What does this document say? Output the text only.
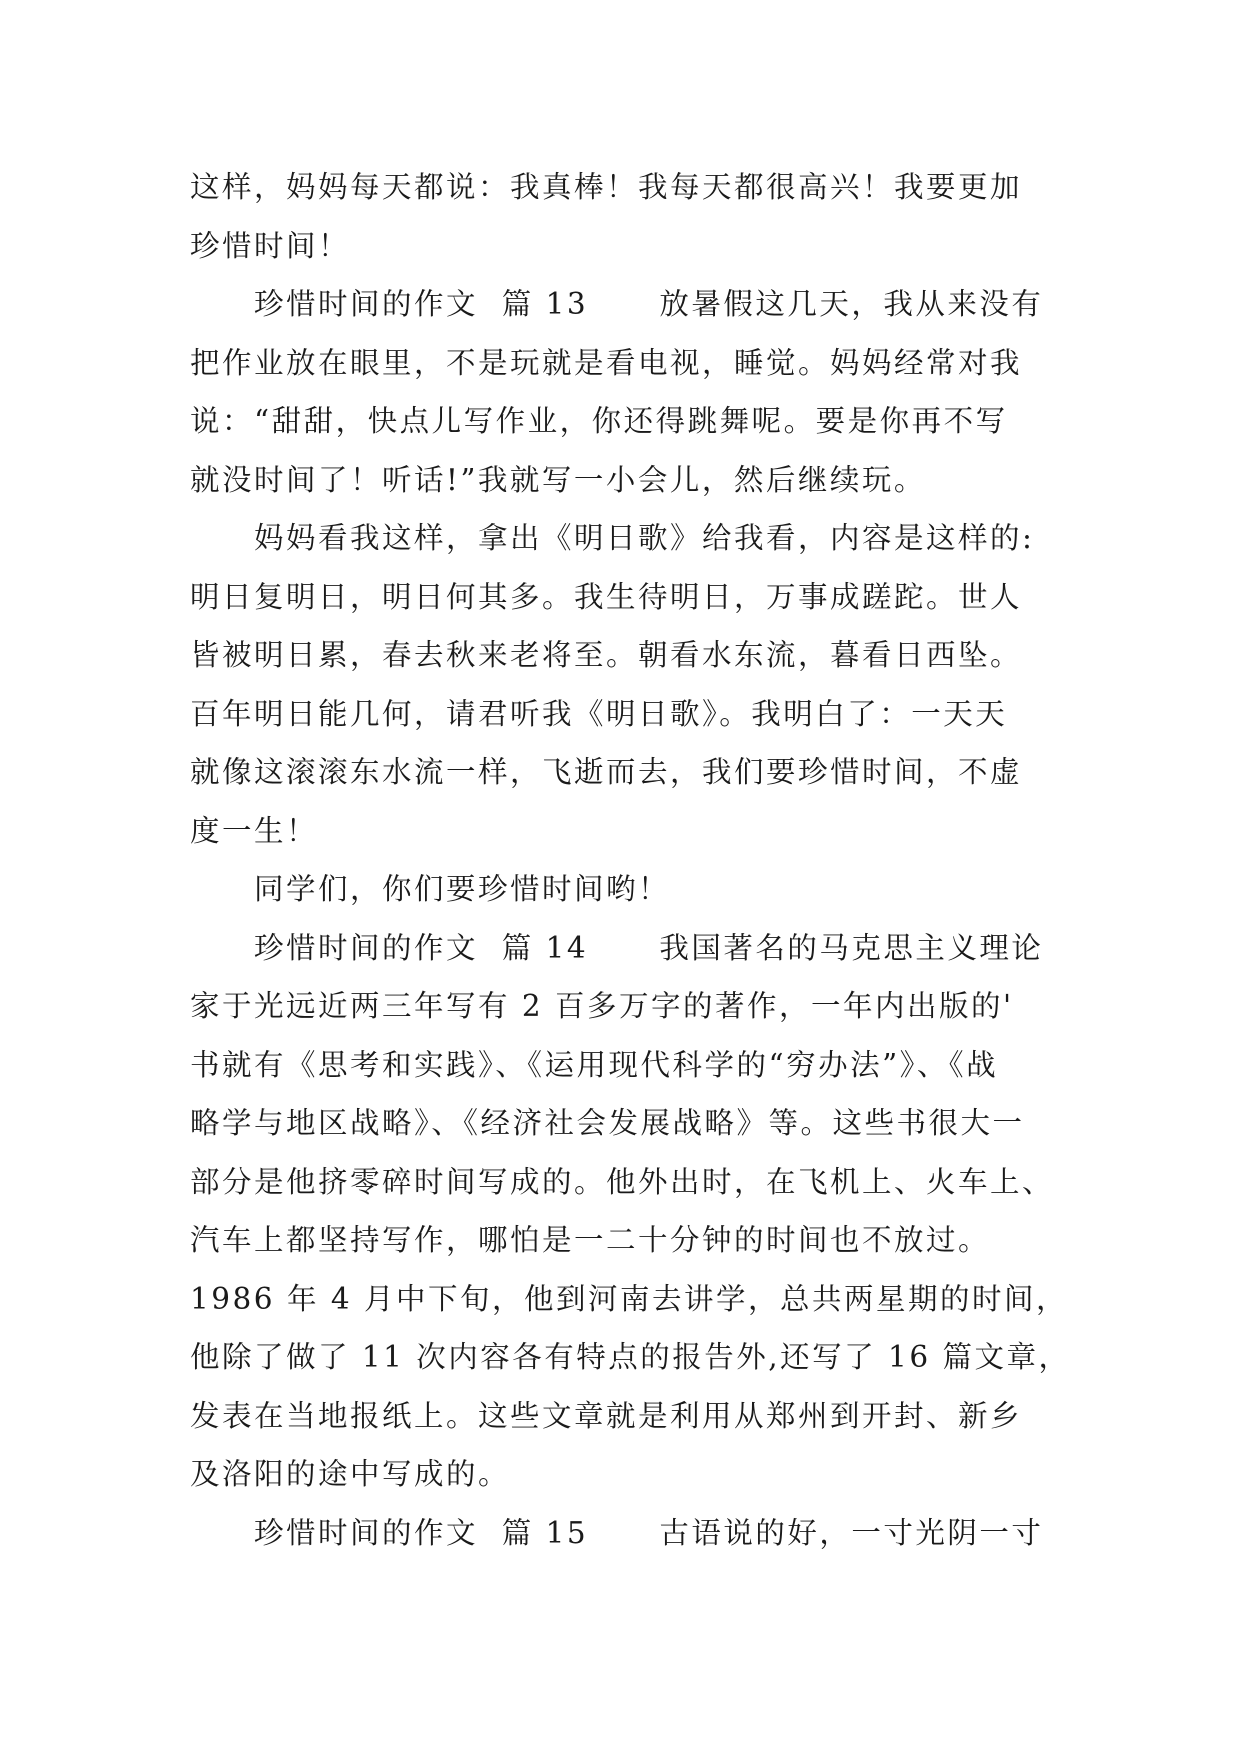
这样，妈妈每天都说：我真棒！我每天都很高兴！我要更加
珍惜时间！
珍惜时间的作文  篇 13      放暑假这几天，我从来没有
把作业放在眼里，不是玩就是看电视，睡觉。妈妈经常对我
说：“甜甜，快点儿写作业，你还得跳舞呢。要是你再不写
就没时间了！听话!”我就写一小会儿，然后继续玩。
妈妈看我这样，拿出《明日歌》给我看，内容是这样的:
明日复明日，明日何其多。我生待明日，万事成蹉跎。世人
皆被明日累，春去秋来老将至。朝看水东流，暮看日西坠。
百年明日能几何，请君听我《明日歌》。我明白了：一天天
就像这滚滚东水流一样，飞逝而去，我们要珍惜时间，不虚
度一生！
同学们，你们要珍惜时间哟！
珍惜时间的作文  篇 14      我国著名的马克思主义理论
家于光远近两三年写有 2 百多万字的著作，一年内出版的'
书就有《思考和实践》、《运用现代科学的“穷办法”》、《战
略学与地区战略》、《经济社会发展战略》等。这些书很大一
部分是他挤零碎时间写成的。他外出时，在飞机上、火车上、
汽车上都坚持写作，哪怕是一二十分钟的时间也不放过。
1986 年 4 月中下旬，他到河南去讲学，总共两星期的时间，
他除了做了 11 次内容各有特点的报告外,还写了 16 篇文章，
发表在当地报纸上。这些文章就是利用从郑州到开封、新乡
及洛阳的途中写成的。
珍惜时间的作文  篇 15      古语说的好，一寸光阴一寸
